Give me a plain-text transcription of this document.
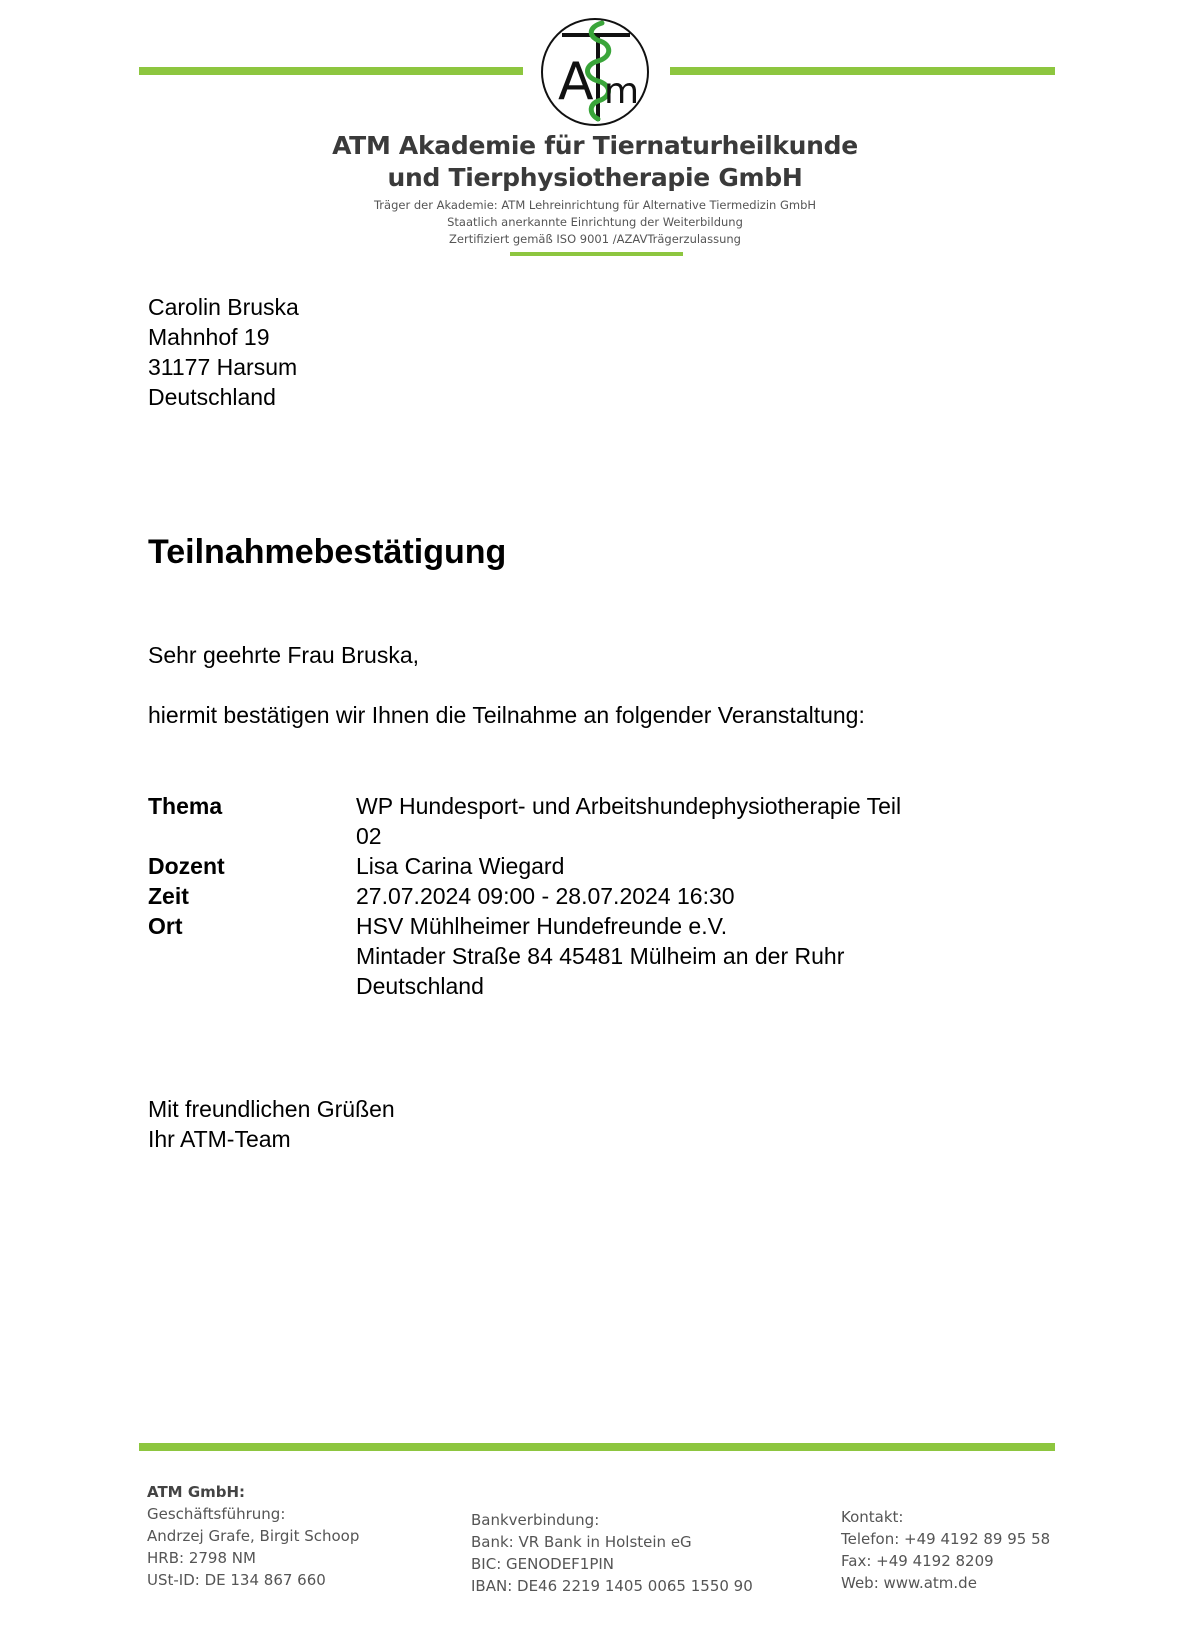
A m
ATM Akademie für Tiernaturheilkunde
und Tierphysiotherapie GmbH
Träger der Akademie: ATM Lehreinrichtung für Alternative Tiermedizin GmbH
Staatlich anerkannte Einrichtung der Weiterbildung
Zertifiziert gemäß ISO 9001 /AZAVTrägerzulassung
Carolin Bruska
Mahnhof 19
31177 Harsum
Deutschland
Teilnahmebestätigung
Sehr geehrte Frau Bruska,
hiermit bestätigen wir Ihnen die Teilnahme an folgender Veranstaltung:
Thema	WP Hundesport- und Arbeitshundephysiotherapie Teil
02
Dozent	Lisa Carina Wiegard
Zeit	27.07.2024 09:00 - 28.07.2024 16:30
Ort	HSV Mühlheimer Hundefreunde e.V.
Mintader Straße 84 45481 Mülheim an der Ruhr
Deutschland
Mit freundlichen Grüßen
Ihr ATM-Team
ATM GmbH:
Geschäftsführung:
Andrzej Grafe, Birgit Schoop
HRB: 2798 NM
USt-ID: DE 134 867 660
Bankverbindung:
Bank: VR Bank in Holstein eG
BIC: GENODEF1PIN
IBAN: DE46 2219 1405 0065 1550 90
Kontakt:
Telefon: +49 4192 89 95 58
Fax: +49 4192 8209
Web: www.atm.de
